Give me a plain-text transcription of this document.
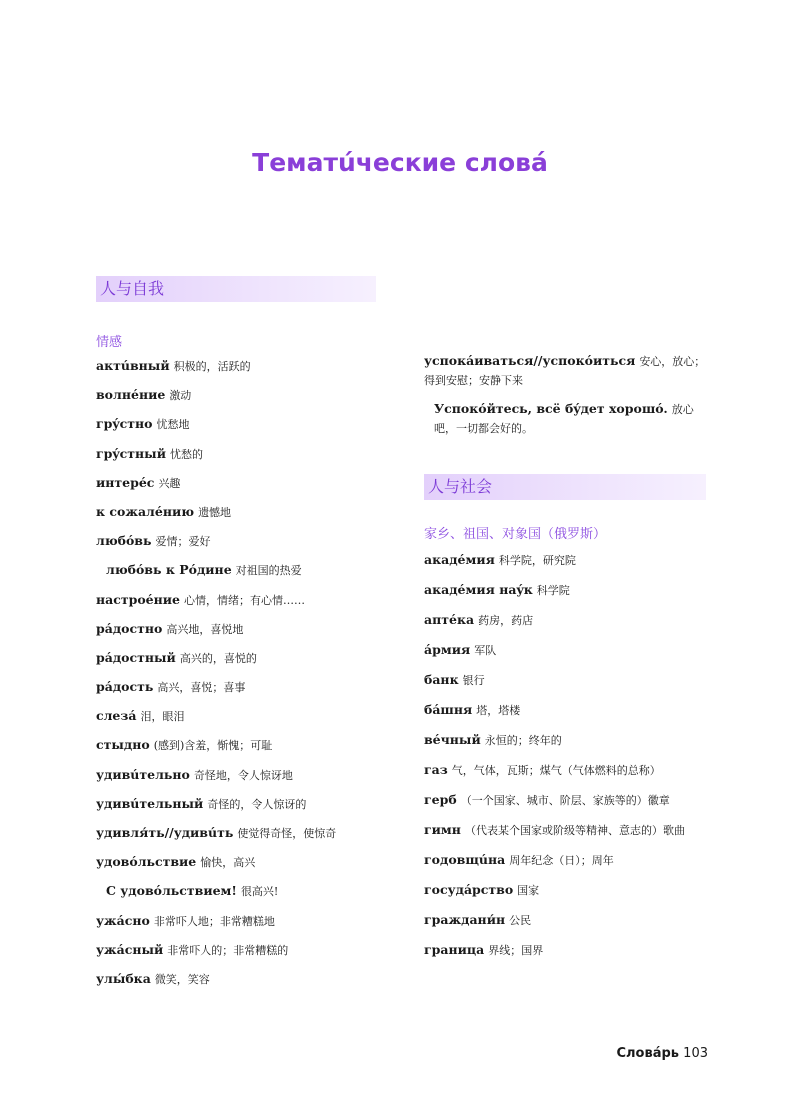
Тематúческие словá
人与自我
情感

актúвный 积极的，活跃的

волнéние 激动

грýстно 忧愁地

грýстный 忧愁的

интерéс 兴趣

к сожалéнию 遗憾地

любóвь 爱情；爱好

любóвь к Рóдине 对祖国的热爱

настроéние 心情，情绪；有心情……

рáдостно 高兴地，喜悦地

рáдостный 高兴的，喜悦的

рáдость 高兴，喜悦；喜事

слезá 泪，眼泪

стыдно (感到)含羞，惭愧；可耻

удивúтельно 奇怪地，令人惊讶地

удивúтельный 奇怪的，令人惊讶的

удивля́ть//удивúть 使觉得奇怪，使惊奇

удовóльствие 愉快，高兴

С удовóльствием! 很高兴!

ужáсно 非常吓人地；非常糟糕地

ужáсный 非常吓人的；非常糟糕的

улы́бка 微笑，笑容

успокáиваться//успокóиться 安心，放心；得到安慰；安静下来

Успокóйтесь, всё бýдет хорошó. 放心吧，一切都会好的。

人与社会
家乡、祖国、对象国（俄罗斯）

акадéмия 科学院，研究院

акадéмия наýк 科学院

аптéка 药房，药店

áрмия 军队

банк 银行

бáшня 塔，塔楼

вéчный 永恒的；终年的

газ 气，气体，瓦斯；煤气（气体燃料的总称）

герб （一个国家、城市、阶层、家族等的）徽章

гимн （代表某个国家或阶级等精神、意志的）歌曲

годовщúна 周年纪念（日）；周年

госудáрство 国家

граждани́н 公民

границa 界线；国界

Словáрь 103
